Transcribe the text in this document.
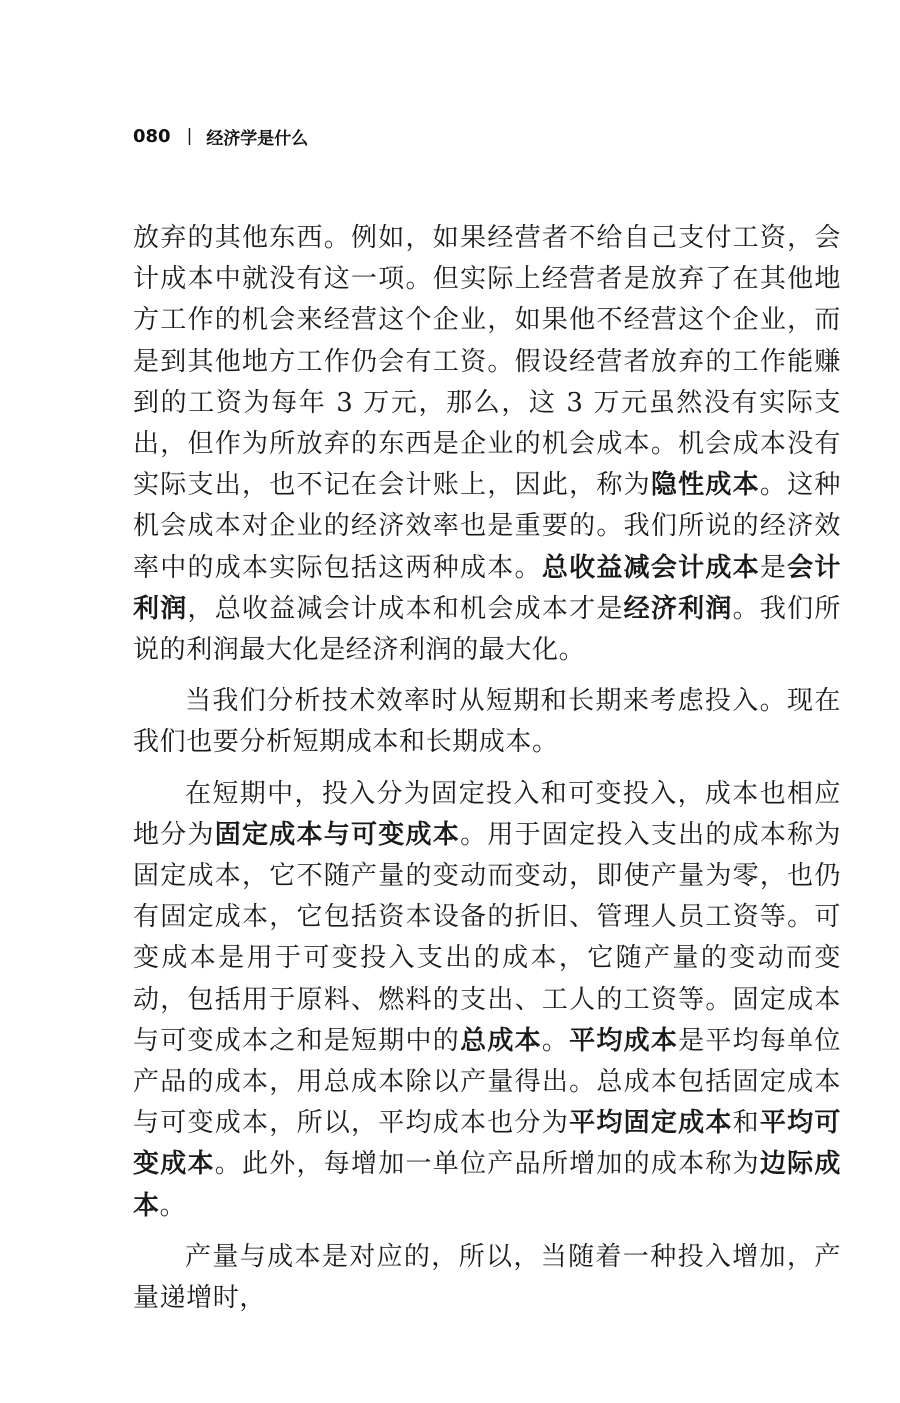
080 | 经济学是什么

放弃的其他东西。例如，如果经营者不给自己支付工资，会计成本中就没有这一项。但实际上经营者是放弃了在其他地方工作的机会来经营这个企业，如果他不经营这个企业，而是到其他地方工作仍会有工资。假设经营者放弃的工作能赚到的工资为每年 3 万元，那么，这 3 万元虽然没有实际支出，但作为所放弃的东西是企业的机会成本。机会成本没有实际支出，也不记在会计账上，因此，称为隐性成本。这种机会成本对企业的经济效率也是重要的。我们所说的经济效率中的成本实际包括这两种成本。总收益减会计成本是会计利润，总收益减会计成本和机会成本才是经济利润。我们所说的利润最大化是经济利润的最大化。

当我们分析技术效率时从短期和长期来考虑投入。现在我们也要分析短期成本和长期成本。

在短期中，投入分为固定投入和可变投入，成本也相应地分为固定成本与可变成本。用于固定投入支出的成本称为固定成本，它不随产量的变动而变动，即使产量为零，也仍有固定成本，它包括资本设备的折旧、管理人员工资等。可变成本是用于可变投入支出的成本，它随产量的变动而变动，包括用于原料、燃料的支出、工人的工资等。固定成本与可变成本之和是短期中的总成本。平均成本是平均每单位产品的成本，用总成本除以产量得出。总成本包括固定成本与可变成本，所以，平均成本也分为平均固定成本和平均可变成本。此外，每增加一单位产品所增加的成本称为边际成本。

产量与成本是对应的，所以，当随着一种投入增加，产量递增时，
